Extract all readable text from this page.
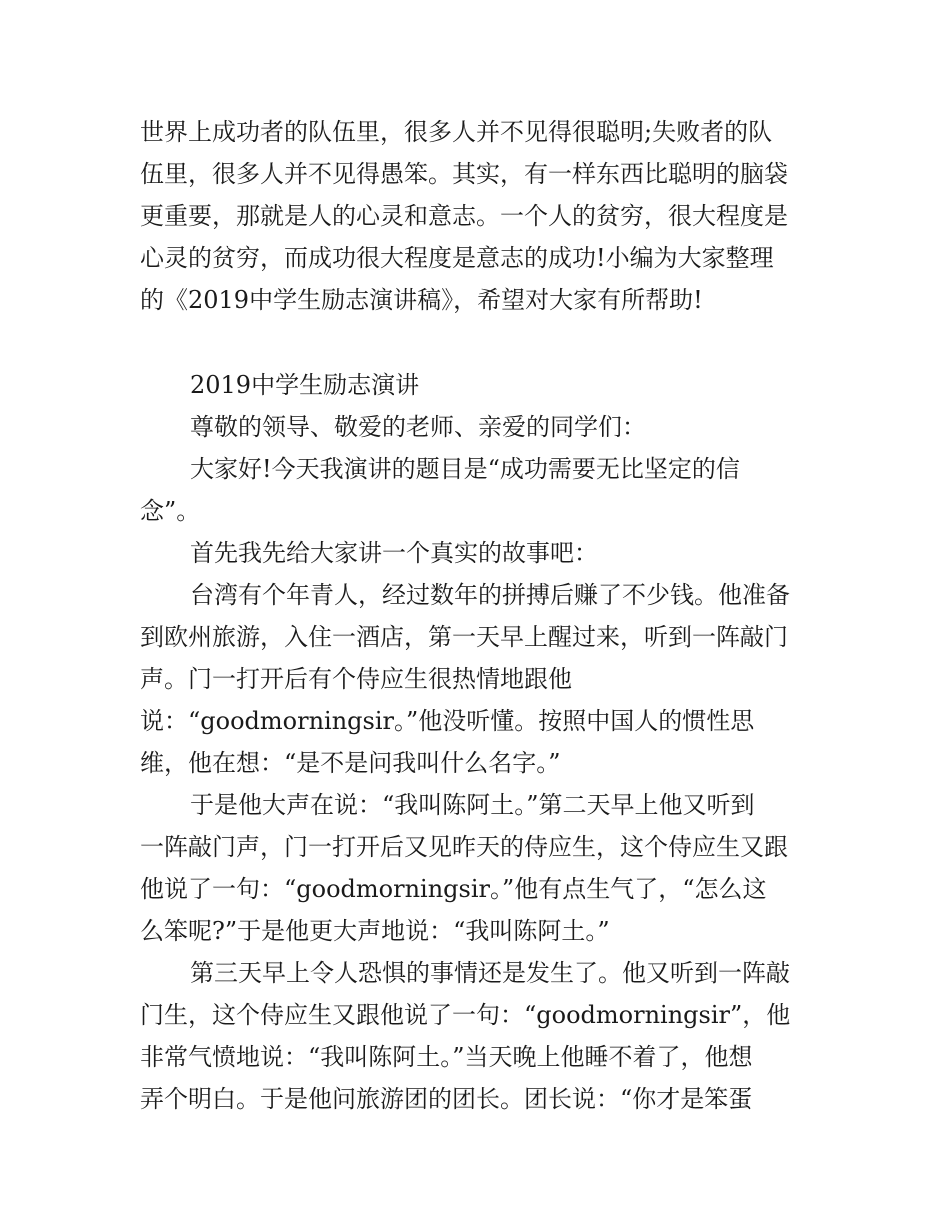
世界上成功者的队伍里，很多人并不见得很聪明;失败者的队
伍里，很多人并不见得愚笨。其实，有一样东西比聪明的脑袋
更重要，那就是人的心灵和意志。一个人的贫穷，很大程度是
心灵的贫穷，而成功很大程度是意志的成功!小编为大家整理
的《2019中学生励志演讲稿》，希望对大家有所帮助!
2019中学生励志演讲
尊敬的领导、敬爱的老师、亲爱的同学们：
大家好!今天我演讲的题目是“成功需要无比坚定的信
念”。
首先我先给大家讲一个真实的故事吧：
台湾有个年青人，经过数年的拼搏后赚了不少钱。他准备
到欧州旅游，入住一酒店，第一天早上醒过来，听到一阵敲门
声。门一打开后有个侍应生很热情地跟他
说：“goodmorningsir。”他没听懂。按照中国人的惯性思
维，他在想：“是不是问我叫什么名字。”
于是他大声在说：“我叫陈阿土。”第二天早上他又听到
一阵敲门声，门一打开后又见昨天的侍应生，这个侍应生又跟
他说了一句：“goodmorningsir。”他有点生气了，“怎么这
么笨呢?”于是他更大声地说：“我叫陈阿土。”
第三天早上令人恐惧的事情还是发生了。他又听到一阵敲
门生，这个侍应生又跟他说了一句：“goodmorningsir”，他
非常气愤地说：“我叫陈阿土。”当天晚上他睡不着了，他想
弄个明白。于是他问旅游团的团长。团长说：“你才是笨蛋
